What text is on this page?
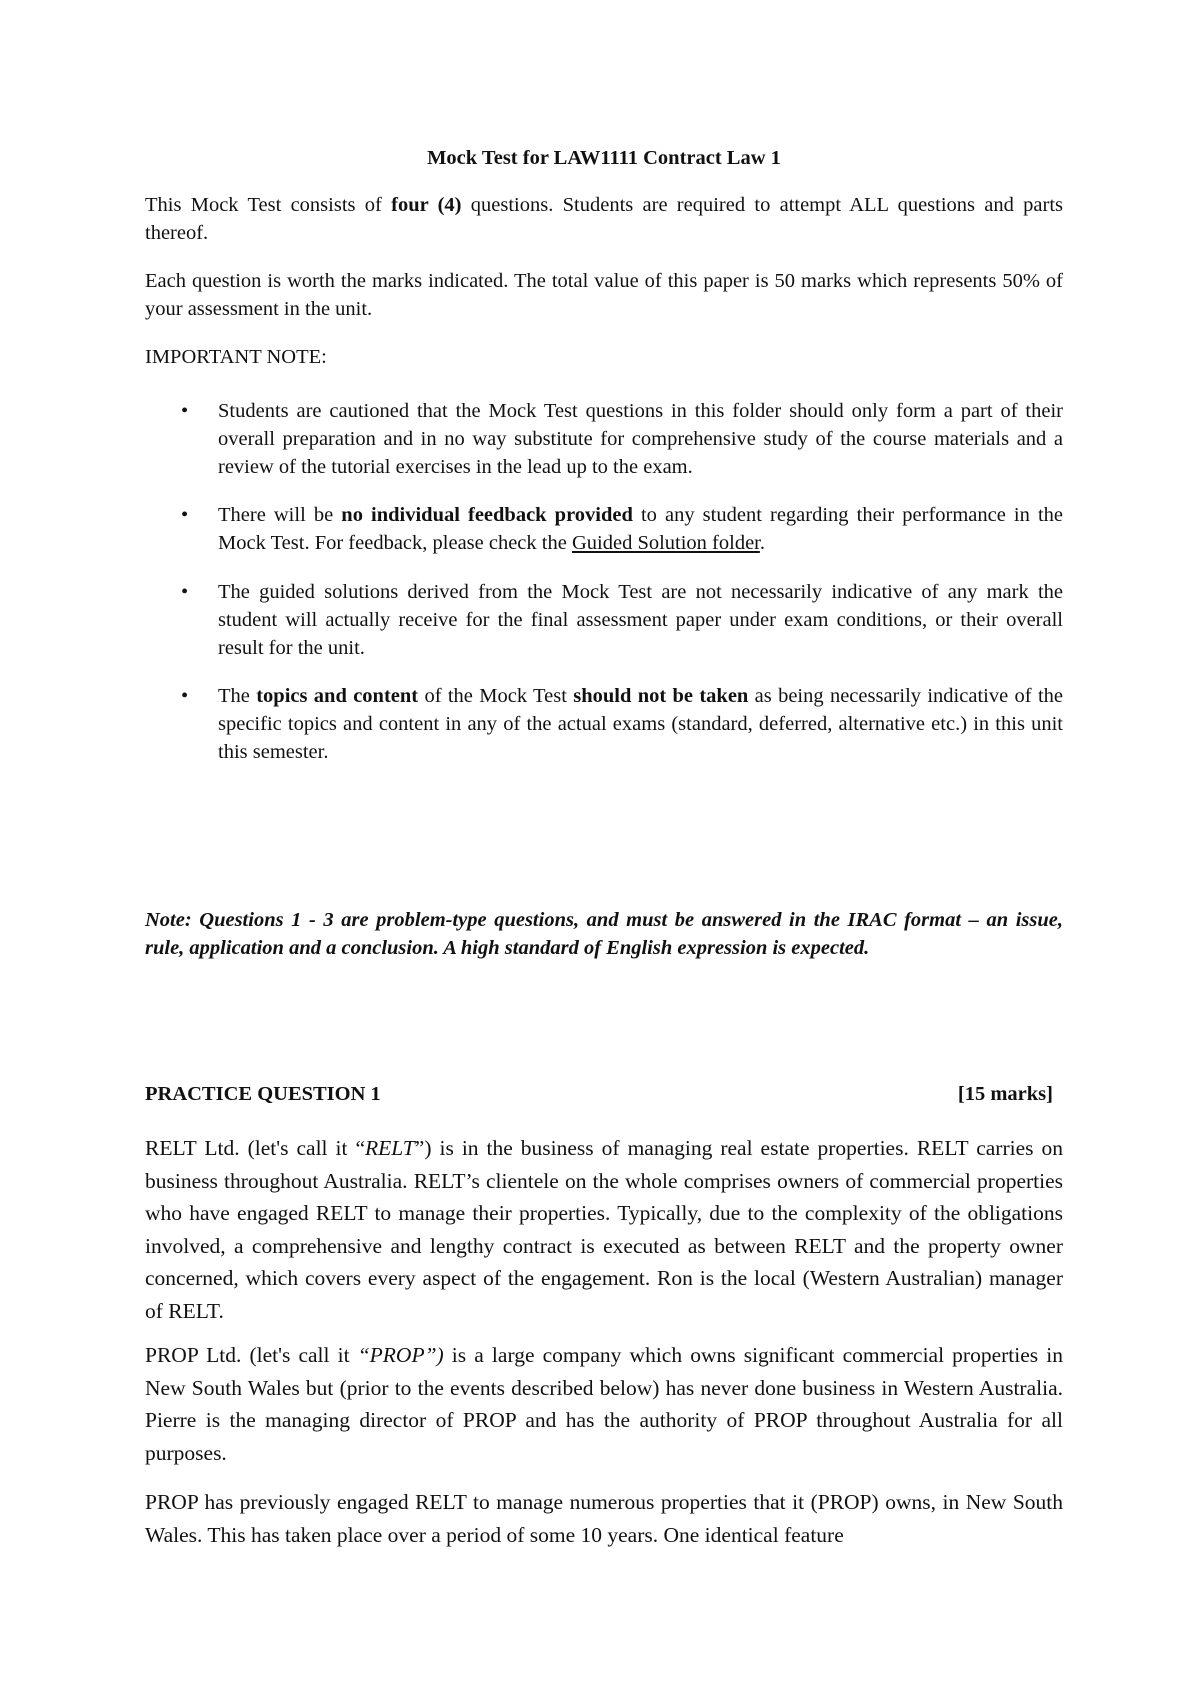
Mock Test for LAW1111 Contract Law 1
This Mock Test consists of four (4) questions. Students are required to attempt ALL questions and parts thereof.
Each question is worth the marks indicated. The total value of this paper is 50 marks which represents 50% of your assessment in the unit.
IMPORTANT NOTE:
•	Students are cautioned that the Mock Test questions in this folder should only form a part of their overall preparation and in no way substitute for comprehensive study of the course materials and a review of the tutorial exercises in the lead up to the exam.
•	There will be no individual feedback provided to any student regarding their performance in the Mock Test. For feedback, please check the Guided Solution folder.
•	The guided solutions derived from the Mock Test are not necessarily indicative of any mark the student will actually receive for the final assessment paper under exam conditions, or their overall result for the unit.
•	The topics and content of the Mock Test should not be taken as being necessarily indicative of the specific topics and content in any of the actual exams (standard, deferred, alternative etc.) in this unit this semester.
Note: Questions 1 - 3 are problem-type questions, and must be answered in the IRAC format – an issue, rule, application and a conclusion. A high standard of English expression is expected.
PRACTICE QUESTION 1	[15 marks]
RELT Ltd. (let's call it “RELT”) is in the business of managing real estate properties. RELT carries on business throughout Australia. RELT’s clientele on the whole comprises owners of commercial properties who have engaged RELT to manage their properties. Typically, due to the complexity of the obligations involved, a comprehensive and lengthy contract is executed as between RELT and the property owner concerned, which covers every aspect of the engagement. Ron is the local (Western Australian) manager of RELT.
PROP Ltd. (let's call it “PROP”) is a large company which owns significant commercial properties in New South Wales but (prior to the events described below) has never done business in Western Australia. Pierre is the managing director of PROP and has the authority of PROP throughout Australia for all purposes.
PROP has previously engaged RELT to manage numerous properties that it (PROP) owns, in New South Wales. This has taken place over a period of some 10 years. One identical feature
